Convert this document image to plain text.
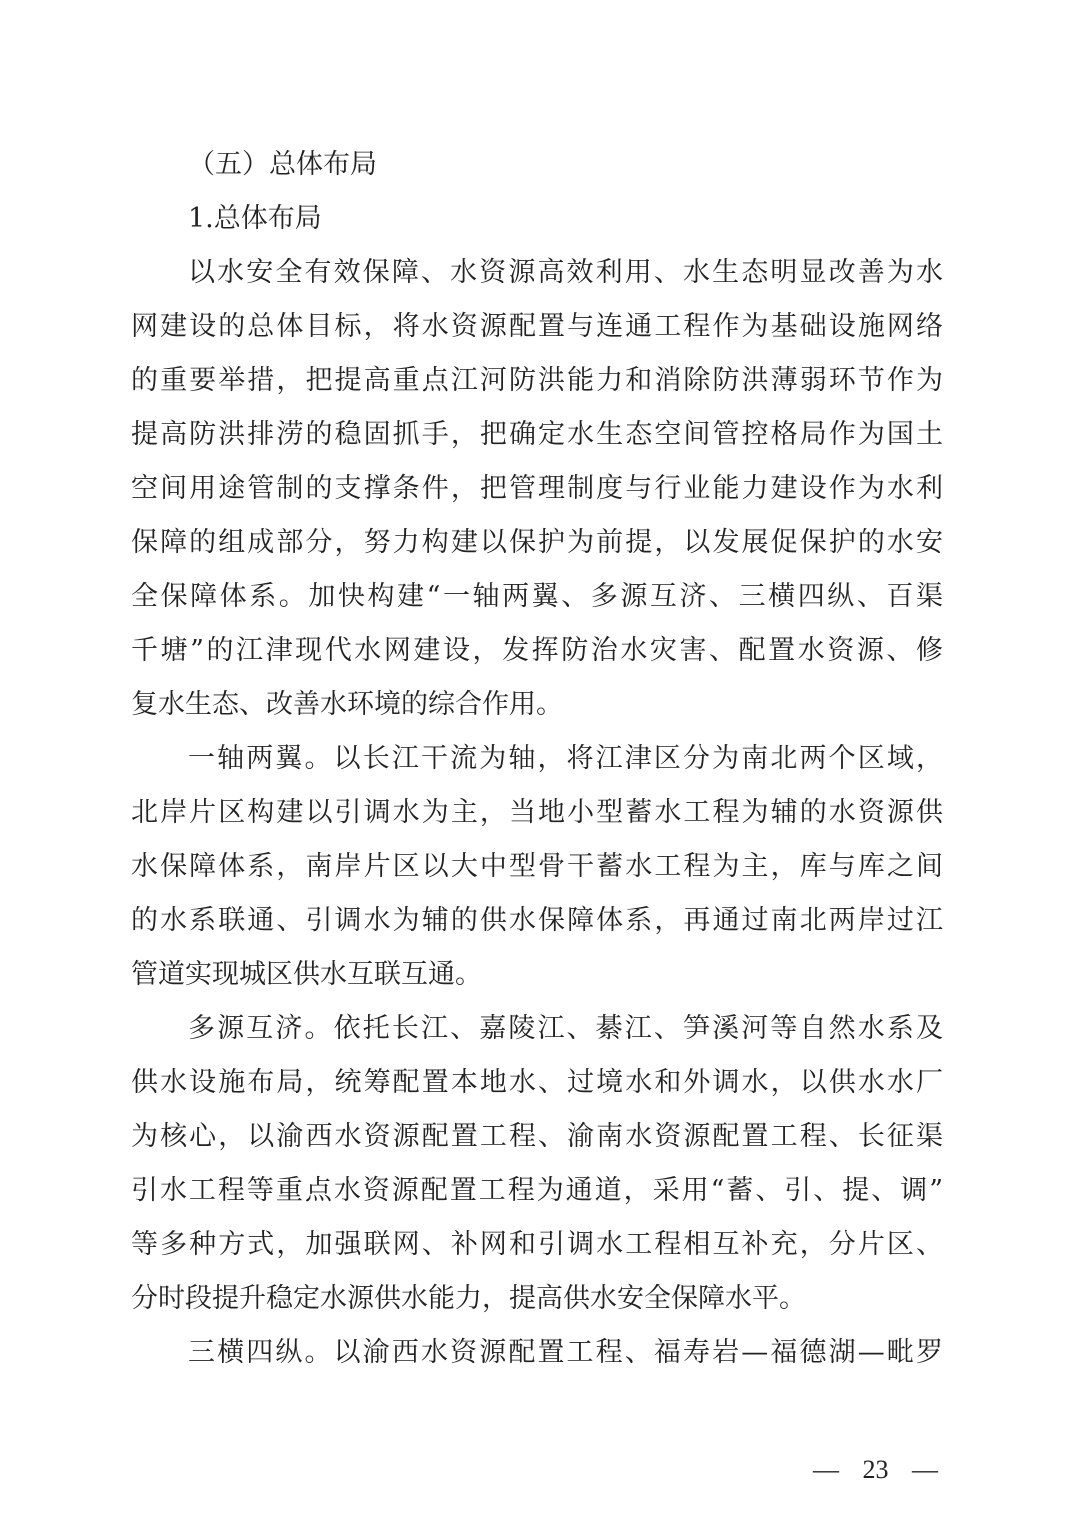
（五）总体布局
1.总体布局
以水安全有效保障、水资源高效利用、水生态明显改善为水
网建设的总体目标，将水资源配置与连通工程作为基础设施网络
的重要举措，把提高重点江河防洪能力和消除防洪薄弱环节作为
提高防洪排涝的稳固抓手，把确定水生态空间管控格局作为国土
空间用途管制的支撑条件，把管理制度与行业能力建设作为水利
保障的组成部分，努力构建以保护为前提，以发展促保护的水安
全保障体系。加快构建“一轴两翼、多源互济、三横四纵、百渠
千塘”的江津现代水网建设，发挥防治水灾害、配置水资源、修
复水生态、改善水环境的综合作用。
一轴两翼。以长江干流为轴，将江津区分为南北两个区域，
北岸片区构建以引调水为主，当地小型蓄水工程为辅的水资源供
水保障体系，南岸片区以大中型骨干蓄水工程为主，库与库之间
的水系联通、引调水为辅的供水保障体系，再通过南北两岸过江
管道实现城区供水互联互通。
多源互济。依托长江、嘉陵江、綦江、笋溪河等自然水系及
供水设施布局，统筹配置本地水、过境水和外调水，以供水水厂
为核心，以渝西水资源配置工程、渝南水资源配置工程、长征渠
引水工程等重点水资源配置工程为通道，采用“蓄、引、提、调”
等多种方式，加强联网、补网和引调水工程相互补充，分片区、
分时段提升稳定水源供水能力，提高供水安全保障水平。
三横四纵。以渝西水资源配置工程、福寿岩—福德湖—毗罗
— 23 —
